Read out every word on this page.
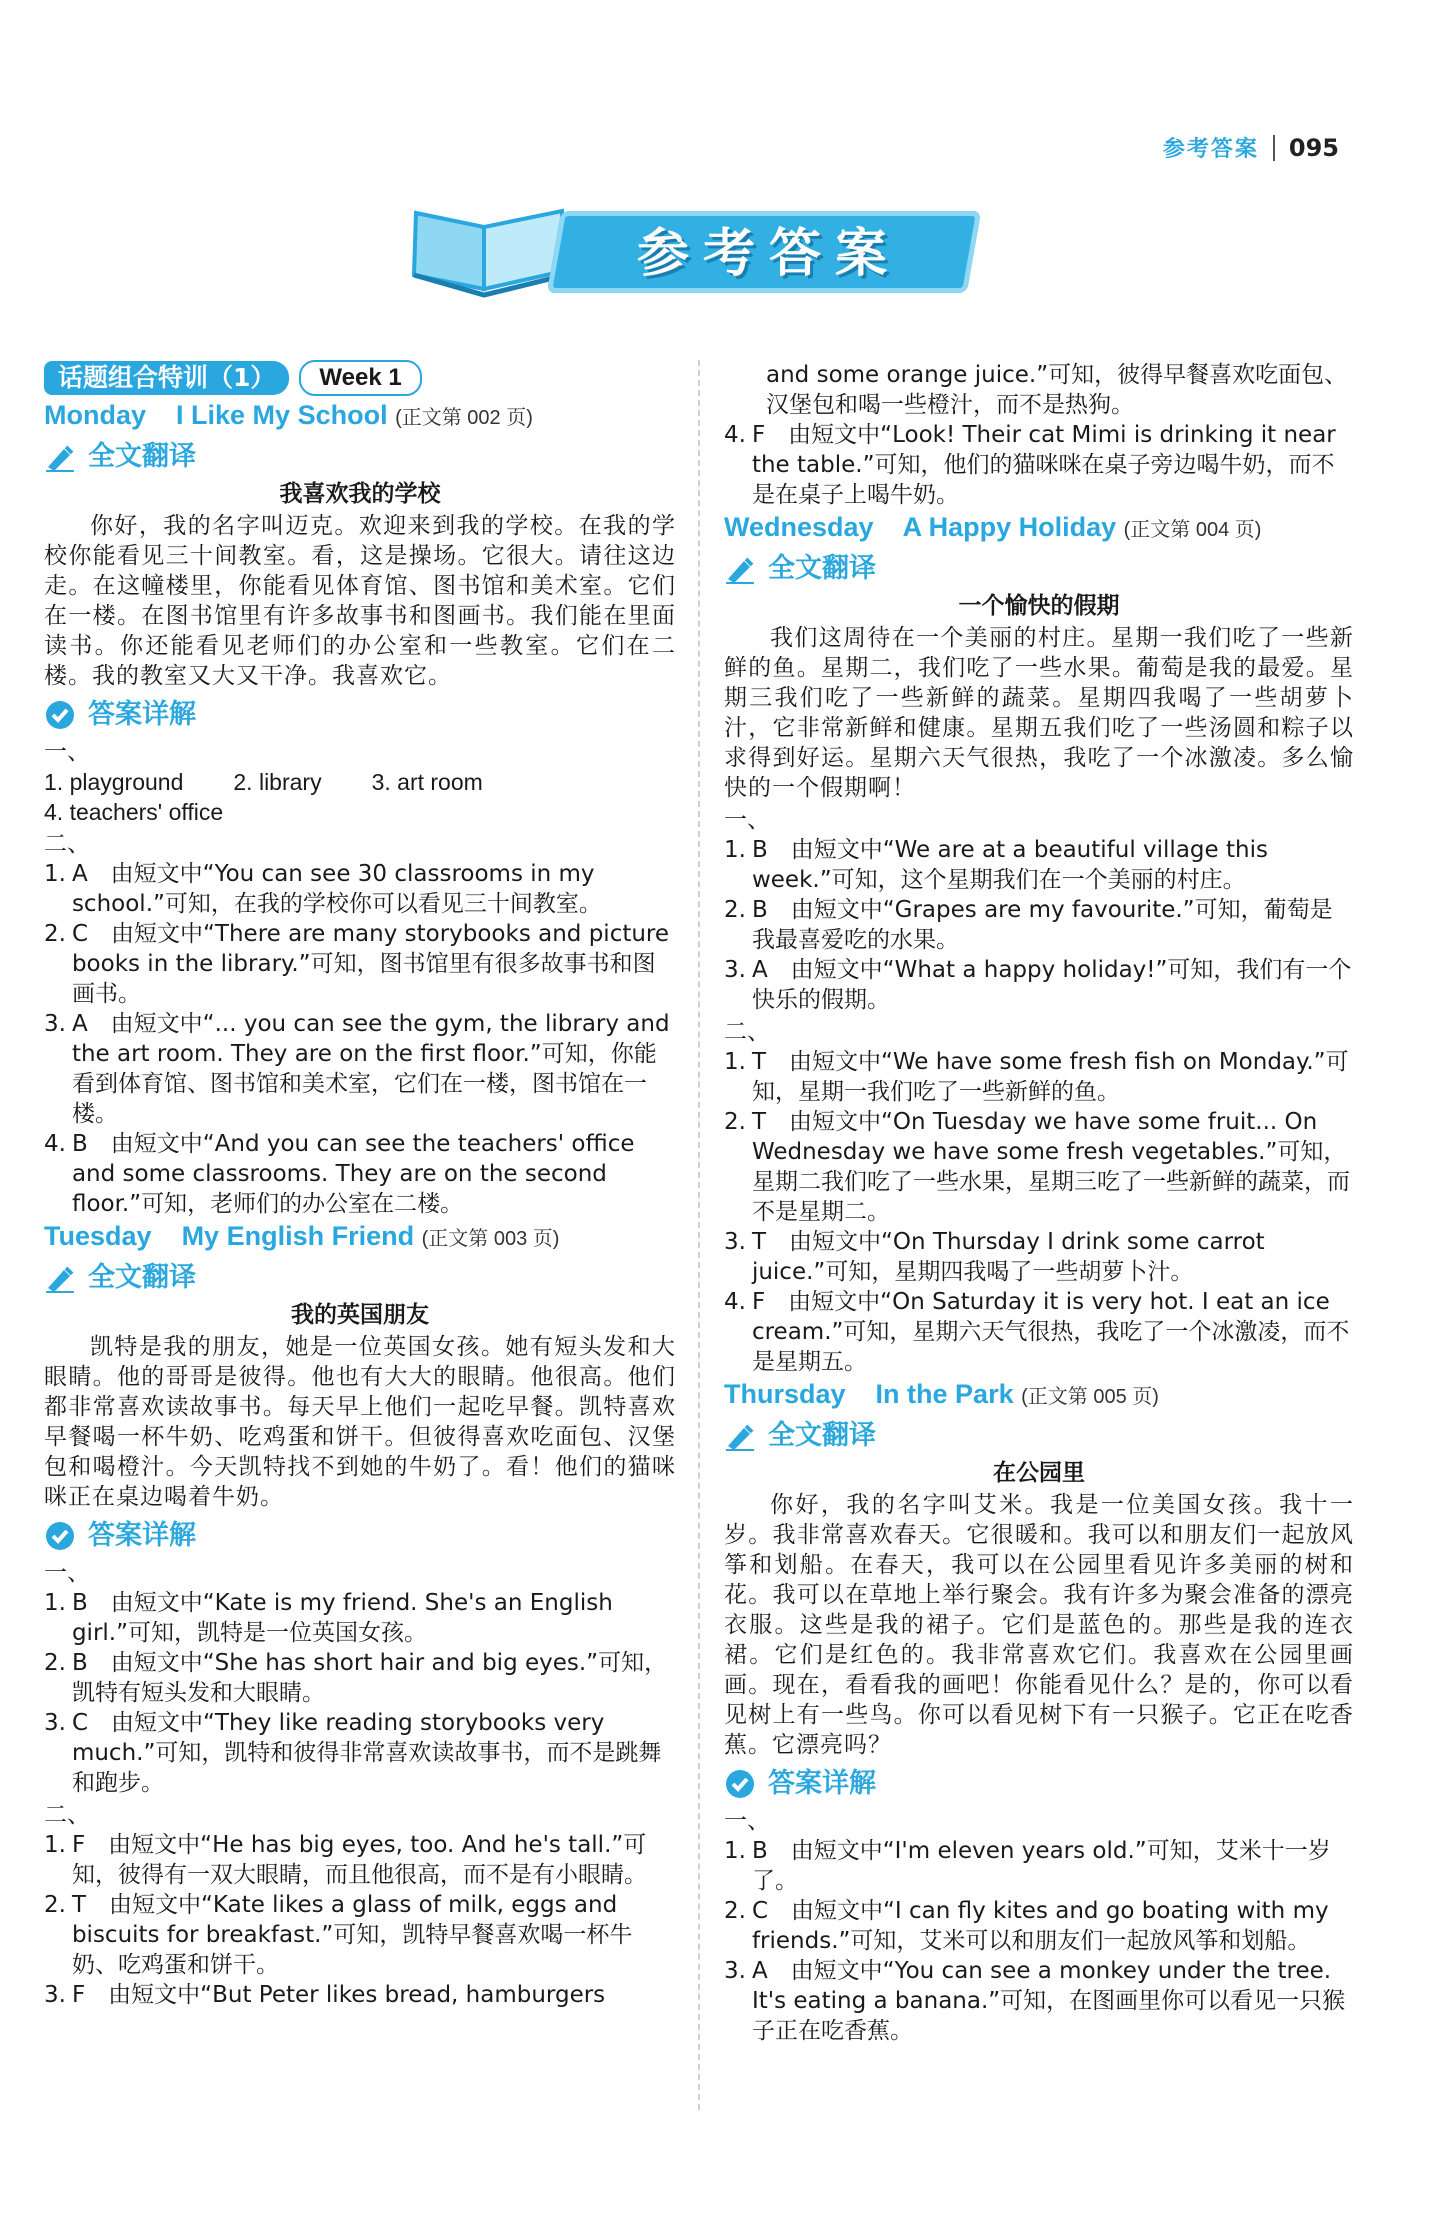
参考答案 095
参考答案
话题组合特训（1）	Week 1
Monday I Like My School (正文第 002 页)
全文翻译
我喜欢我的学校
你好，我的名字叫迈克。欢迎来到我的学校。在我的学校你能看见三十间教室。看，这是操场。它很大。请往这边走。在这幢楼里，你能看见体育馆、图书馆和美术室。它们在一楼。在图书馆里有许多故事书和图画书。我们能在里面读书。你还能看见老师们的办公室和一些教室。它们在二楼。我的教室又大又干净。我喜欢它。
答案详解
一、
1. playground 2. library 3. art room
4. teachers' office
二、
1. A　由短文中“You can see 30 classrooms in my school.”可知，在我的学校你可以看见三十间教室。
2. C　由短文中“There are many storybooks and picture books in the library.”可知，图书馆里有很多故事书和图画书。
3. A　由短文中“... you can see the gym, the library and the art room. They are on the first floor.”可知，你能看到体育馆、图书馆和美术室，它们在一楼，图书馆在一楼。
4. B　由短文中“And you can see the teachers' office and some classrooms. They are on the second floor.”可知，老师们的办公室在二楼。
Tuesday My English Friend (正文第 003 页)
全文翻译
我的英国朋友
凯特是我的朋友，她是一位英国女孩。她有短头发和大眼睛。他的哥哥是彼得。他也有大大的眼睛。他很高。他们都非常喜欢读故事书。每天早上他们一起吃早餐。凯特喜欢早餐喝一杯牛奶、吃鸡蛋和饼干。但彼得喜欢吃面包、汉堡包和喝橙汁。今天凯特找不到她的牛奶了。看！他们的猫咪咪正在桌边喝着牛奶。
答案详解
一、
1. B　由短文中“Kate is my friend. She's an English girl.”可知，凯特是一位英国女孩。
2. B　由短文中“She has short hair and big eyes.”可知，凯特有短头发和大眼睛。
3. C　由短文中“They like reading storybooks very much.”可知，凯特和彼得非常喜欢读故事书，而不是跳舞和跑步。
二、
1. F　由短文中“He has big eyes, too. And he's tall.”可知，彼得有一双大眼睛，而且他很高，而不是有小眼睛。
2. T　由短文中“Kate likes a glass of milk, eggs and biscuits for breakfast.”可知，凯特早餐喜欢喝一杯牛奶、吃鸡蛋和饼干。
3. F　由短文中“But Peter likes bread, hamburgers
and some orange juice.”可知，彼得早餐喜欢吃面包、汉堡包和喝一些橙汁，而不是热狗。
4. F　由短文中“Look! Their cat Mimi is drinking it near the table.”可知，他们的猫咪咪在桌子旁边喝牛奶，而不是在桌子上喝牛奶。
Wednesday A Happy Holiday (正文第 004 页)
全文翻译
一个愉快的假期
我们这周待在一个美丽的村庄。星期一我们吃了一些新鲜的鱼。星期二，我们吃了一些水果。葡萄是我的最爱。星期三我们吃了一些新鲜的蔬菜。星期四我喝了一些胡萝卜汁，它非常新鲜和健康。星期五我们吃了一些汤圆和粽子以求得到好运。星期六天气很热，我吃了一个冰激凌。多么愉快的一个假期啊！
一、
1. B　由短文中“We are at a beautiful village this week.”可知，这个星期我们在一个美丽的村庄。
2. B　由短文中“Grapes are my favourite.”可知，葡萄是我最喜爱吃的水果。
3. A　由短文中“What a happy holiday!”可知，我们有一个快乐的假期。
二、
1. T　由短文中“We have some fresh fish on Monday.”可知，星期一我们吃了一些新鲜的鱼。
2. T　由短文中“On Tuesday we have some fruit... On Wednesday we have some fresh vegetables.”可知，星期二我们吃了一些水果，星期三吃了一些新鲜的蔬菜，而不是星期二。
3. T　由短文中“On Thursday I drink some carrot juice.”可知，星期四我喝了一些胡萝卜汁。
4. F　由短文中“On Saturday it is very hot. I eat an ice cream.”可知，星期六天气很热，我吃了一个冰激凌，而不是星期五。
Thursday In the Park (正文第 005 页)
全文翻译
在公园里
你好，我的名字叫艾米。我是一位美国女孩。我十一岁。我非常喜欢春天。它很暖和。我可以和朋友们一起放风筝和划船。在春天，我可以在公园里看见许多美丽的树和花。我可以在草地上举行聚会。我有许多为聚会准备的漂亮衣服。这些是我的裙子。它们是蓝色的。那些是我的连衣裙。它们是红色的。我非常喜欢它们。我喜欢在公园里画画。现在，看看我的画吧！你能看见什么？是的，你可以看见树上有一些鸟。你可以看见树下有一只猴子。它正在吃香蕉。它漂亮吗？
答案详解
一、
1. B　由短文中“I'm eleven years old.”可知，艾米十一岁了。
2. C　由短文中“I can fly kites and go boating with my friends.”可知，艾米可以和朋友们一起放风筝和划船。
3. A　由短文中“You can see a monkey under the tree. It's eating a banana.”可知，在图画里你可以看见一只猴子正在吃香蕉。
